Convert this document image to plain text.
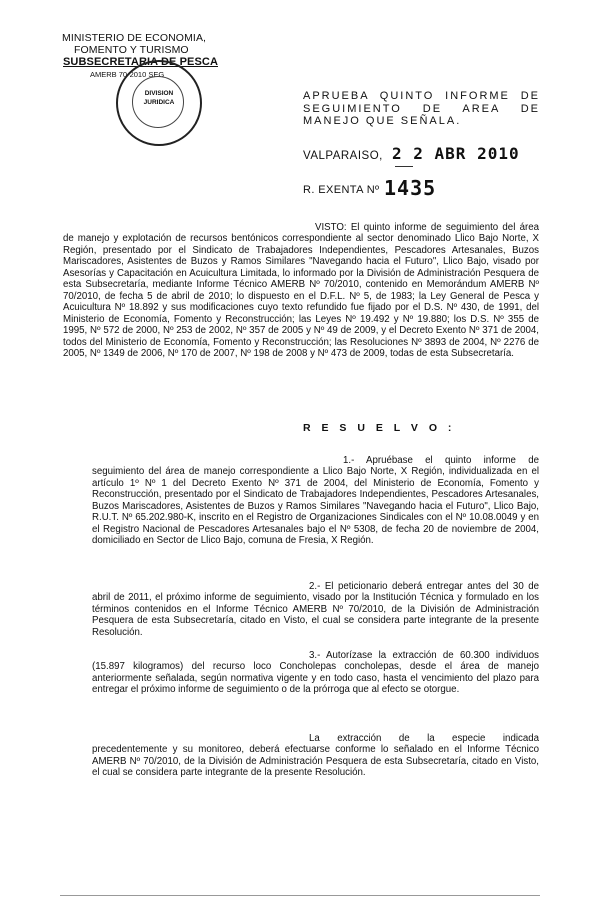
MINISTERIO DE ECONOMIA,
FOMENTO Y TURISMO
SUBSECRETARIA DE PESCA
AMERB 70-2010 SEG
DIVISION
JURIDICA
APRUEBA QUINTO INFORME DE SEGUIMIENTO DE AREA DE MANEJO QUE SEÑALA.
VALPARAISO, 2 2 ABR 2010
R. EXENTA Nº 1435
VISTO: El quinto informe de seguimiento del área de manejo y explotación de recursos bentónicos correspondiente al sector denominado Llico Bajo Norte, X Región, presentado por el Sindicato de Trabajadores Independientes, Pescadores Artesanales, Buzos Mariscadores, Asistentes de Buzos y Ramos Similares "Navegando hacia el Futuro", Llico Bajo, visado por Asesorías y Capacitación en Acuicultura Limitada, lo informado por la División de Administración Pesquera de esta Subsecretaría, mediante Informe Técnico AMERB Nº 70/2010, contenido en Memorándum AMERB Nº 70/2010, de fecha 5 de abril de 2010; lo dispuesto en el D.F.L. Nº 5, de 1983; la Ley General de Pesca y Acuicultura Nº 18.892 y sus modificaciones cuyo texto refundido fue fijado por el D.S. Nº 430, de 1991, del Ministerio de Economía, Fomento y Reconstrucción; las Leyes Nº 19.492 y Nº 19.880; los D.S. Nº 355 de 1995, Nº 572 de 2000, Nº 253 de 2002, Nº 357 de 2005 y Nº 49 de 2009, y el Decreto Exento Nº 371 de 2004, todos del Ministerio de Economía, Fomento y Reconstrucción; las Resoluciones Nº 3893 de 2004, Nº 2276 de 2005, Nº 1349 de 2006, Nº 170 de 2007, Nº 198 de 2008 y Nº 473 de 2009, todas de esta Subsecretaría.
R E S U E L V O :
1.- Apruébase el quinto informe de seguimiento del área de manejo correspondiente a Llico Bajo Norte, X Región, individualizada en el artículo 1º Nº 1 del Decreto Exento Nº 371 de 2004, del Ministerio de Economía, Fomento y Reconstrucción, presentado por el Sindicato de Trabajadores Independientes, Pescadores Artesanales, Buzos Mariscadores, Asistentes de Buzos y Ramos Similares "Navegando hacia el Futuro", Llico Bajo, R.U.T. Nº 65.202.980-K, inscrito en el Registro de Organizaciones Sindicales con el Nº 10.08.0049 y en el Registro Nacional de Pescadores Artesanales bajo el Nº 5308, de fecha 20 de noviembre de 2004, domiciliado en Sector de Llico Bajo, comuna de Fresia, X Región.
2.- El peticionario deberá entregar antes del 30 de abril de 2011, el próximo informe de seguimiento, visado por la Institución Técnica y formulado en los términos contenidos en el Informe Técnico AMERB Nº 70/2010, de la División de Administración Pesquera de esta Subsecretaría, citado en Visto, el cual se considera parte integrante de la presente Resolución.
3.- Autorízase la extracción de 60.300 individuos (15.897 kilogramos) del recurso loco Concholepas concholepas, desde el área de manejo anteriormente señalada, según normativa vigente y en todo caso, hasta el vencimiento del plazo para entregar el próximo informe de seguimiento o de la prórroga que al efecto se otorgue.
La extracción de la especie indicada precedentemente y su monitoreo, deberá efectuarse conforme lo señalado en el Informe Técnico AMERB Nº 70/2010, de la División de Administración Pesquera de esta Subsecretaría, citado en Visto, el cual se considera parte integrante de la presente Resolución.
